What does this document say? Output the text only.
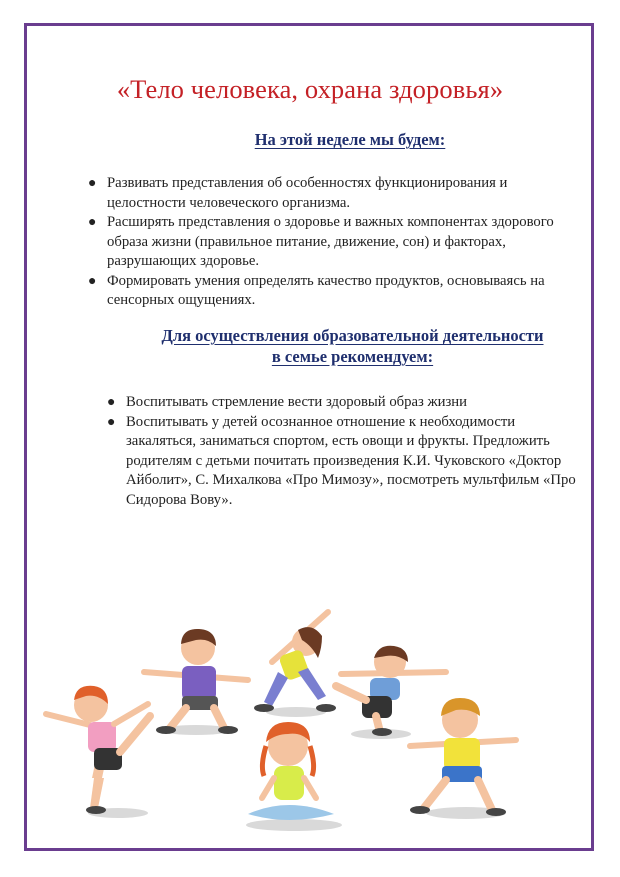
«Тело человека, охрана здоровья»
На этой неделе мы будем:
● Развивать представления об особенностях функционирования и целостности человеческого организма.
● Расширять представления о здоровье и важных компонентах здорового образа жизни (правильное питание, движение, сон) и факторах, разрушающих здоровье.
● Формировать умения определять качество продуктов, основываясь на сенсорных ощущениях.
Для осуществления образовательной деятельности
в семье рекомендуем:
● Воспитывать стремление вести здоровый образ жизни
● Воспитывать у детей осознанное отношение к необходимости закаляться, заниматься спортом, есть овощи и фрукты. Предложить родителям с детьми почитать произведения К.И. Чуковского «Доктор Айболит», С. Михалкова «Про Мимозу», посмотреть мультфильм «Про Сидорова Вову».
